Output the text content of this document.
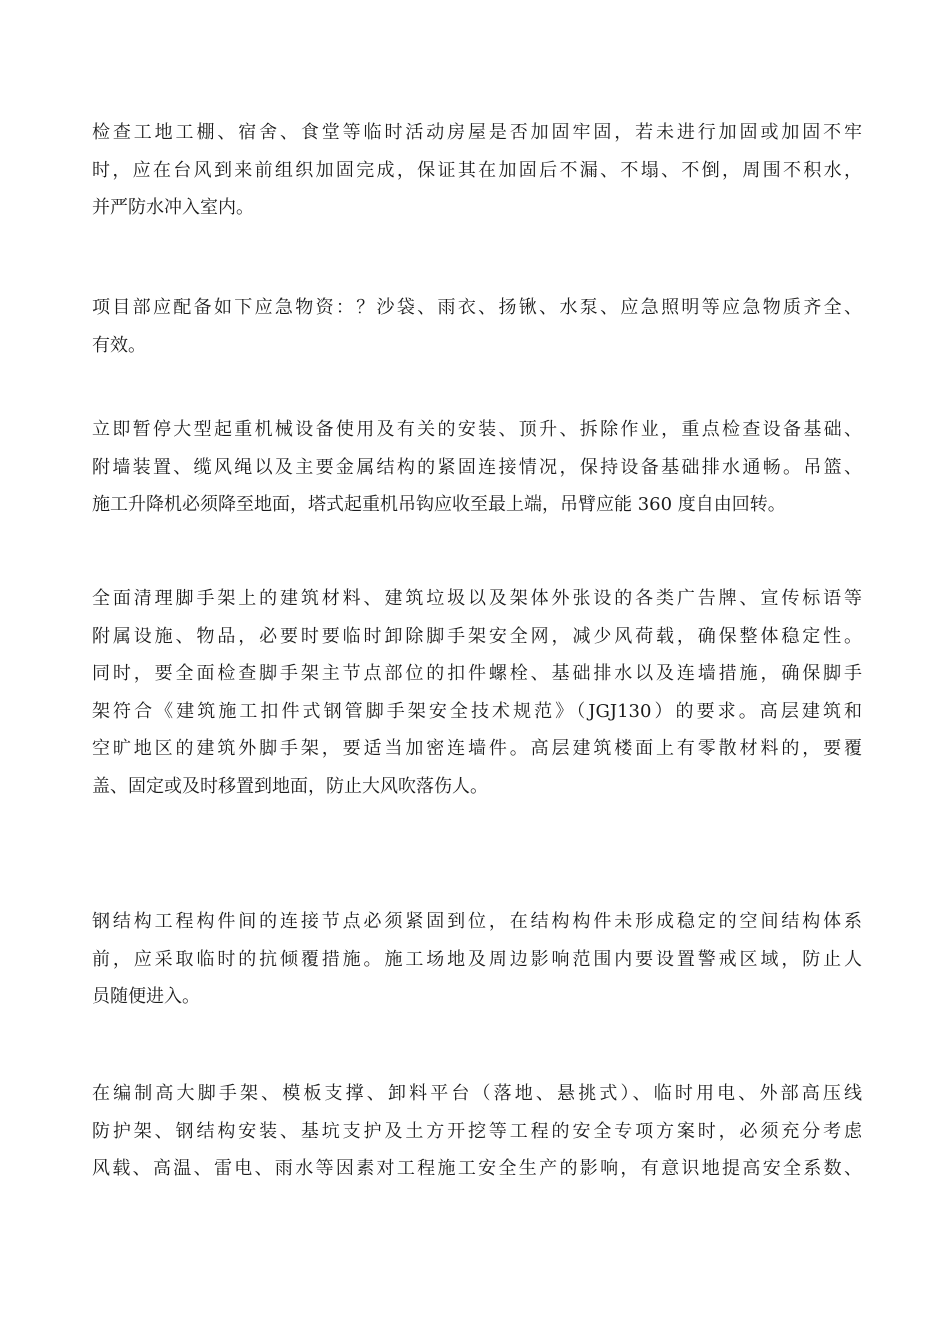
检查工地工棚、宿舍、食堂等临时活动房屋是否加固牢固，若未进行加固或加固不牢
时，应在台风到来前组织加固完成，保证其在加固后不漏、不塌、不倒，周围不积水，
并严防水冲入室内。

项目部应配备如下应急物资：？沙袋、雨衣、扬锹、水泵、应急照明等应急物质齐全、
有效。

立即暂停大型起重机械设备使用及有关的安装、顶升、拆除作业，重点检查设备基础、
附墙装置、缆风绳以及主要金属结构的紧固连接情况，保持设备基础排水通畅。吊篮、
施工升降机必须降至地面，塔式起重机吊钩应收至最上端，吊臂应能 360 度自由回转。

全面清理脚手架上的建筑材料、建筑垃圾以及架体外张设的各类广告牌、宣传标语等
附属设施、物品，必要时要临时卸除脚手架安全网，减少风荷载，确保整体稳定性。
同时，要全面检查脚手架主节点部位的扣件螺栓、基础排水以及连墙措施，确保脚手
架符合《建筑施工扣件式钢管脚手架安全技术规范》（JGJ130）的要求。高层建筑和
空旷地区的建筑外脚手架，要适当加密连墙件。高层建筑楼面上有零散材料的，要覆
盖、固定或及时移置到地面，防止大风吹落伤人。

钢结构工程构件间的连接节点必须紧固到位，在结构构件未形成稳定的空间结构体系
前，应采取临时的抗倾覆措施。施工场地及周边影响范围内要设置警戒区域，防止人
员随便进入。

在编制高大脚手架、模板支撑、卸料平台（落地、悬挑式）、临时用电、外部高压线
防护架、钢结构安装、基坑支护及土方开挖等工程的安全专项方案时，必须充分考虑
风载、高温、雷电、雨水等因素对工程施工安全生产的影响，有意识地提高安全系数、
